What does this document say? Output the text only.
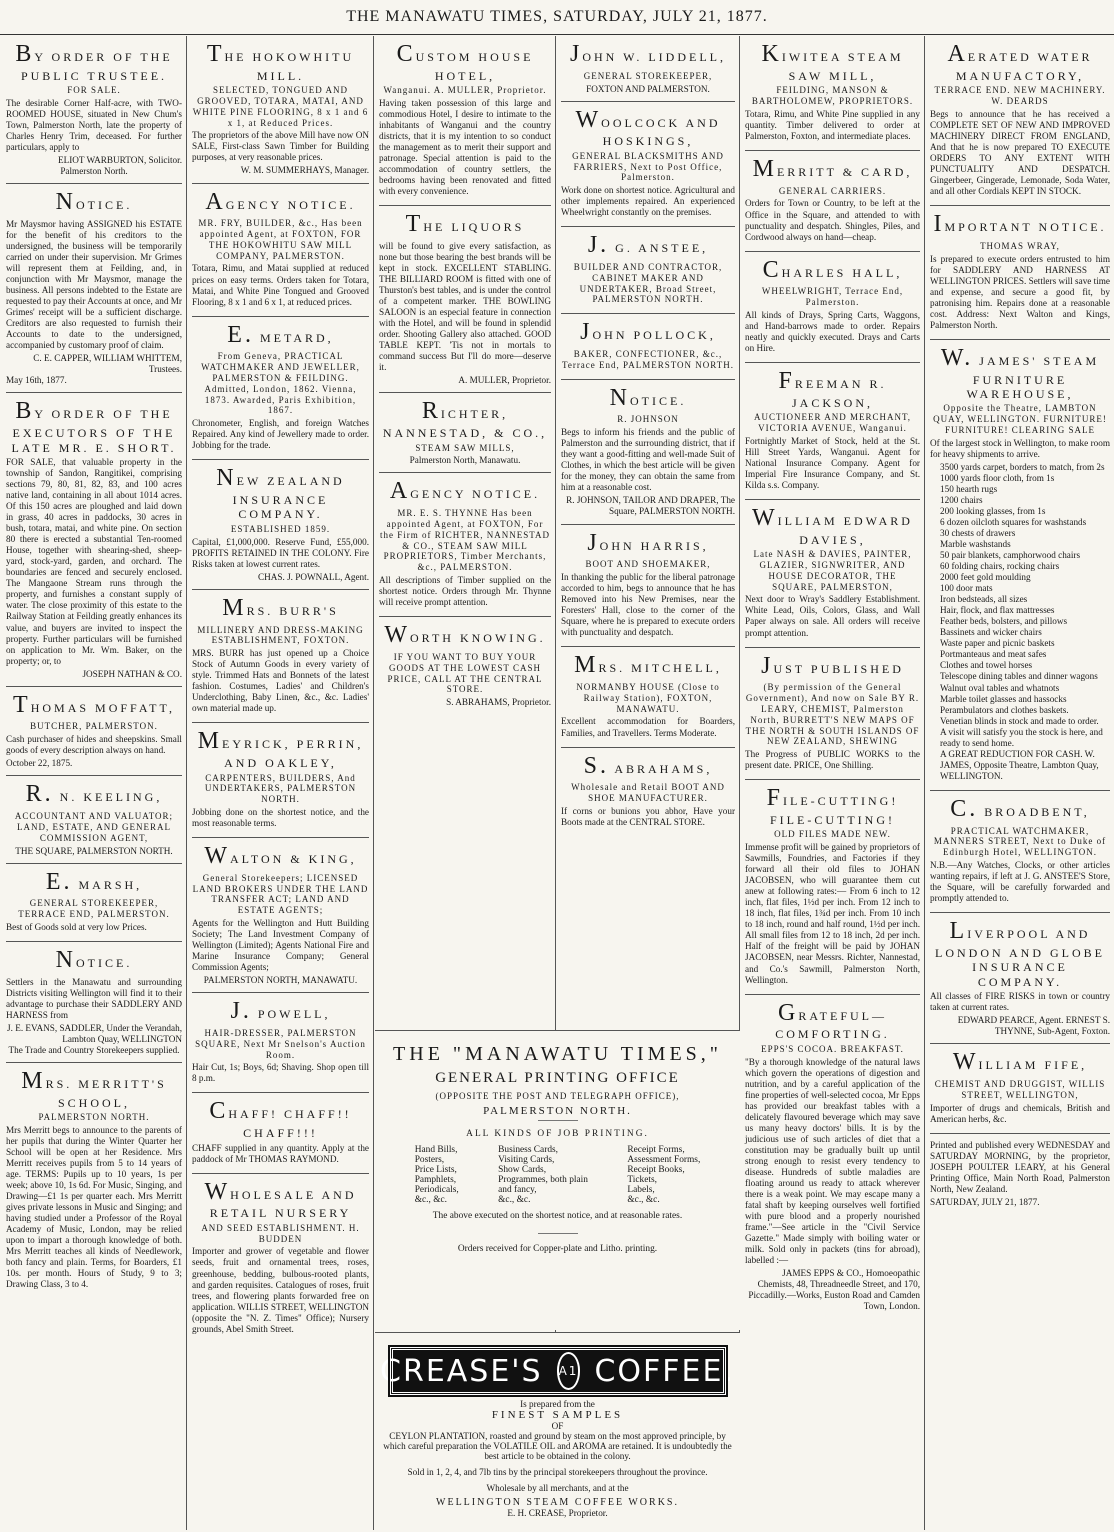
THE MANAWATU TIMES, SATURDAY, JULY 21, 1877.
BY ORDER OF THE PUBLIC TRUSTEE.
FOR SALE.

The desirable Corner Half-acre, with TWO-ROOMED HOUSE, situated in New Chum's Town, Palmerston North, late the property of Charles Henry Trim, deceased. For further particulars, apply to

ELIOT WARBURTON, Solicitor.
Palmerston North.
NOTICE.

Mr Maysmor having ASSIGNED his ESTATE for the benefit of his creditors to the undersigned, the business will be temporarily carried on under their supervision. Mr Grimes will represent them at Feilding, and, in conjunction with Mr Maysmor, manage the business. All persons indebted to the Estate are requested to pay their Accounts at once, and Mr Grimes' receipt will be a sufficient discharge. Creditors are also requested to furnish their Accounts to date to the undersigned, accompanied by customary proof of claim.

C. E. CAPPER, WILLIAM WHITTEM, Trustees.
May 16th, 1877.
BY ORDER OF THE EXECUTORS OF THE LATE MR. E. SHORT.

FOR SALE, that valuable property in the township of Sandon, Rangitikei, comprising sections 79, 80, 81, 82, 83, and 100 acres native land, containing in all about 1014 acres. Of this 150 acres are ploughed and laid down in grass, 40 acres in paddocks, 30 acres in bush, totara, matai, and white pine. On section 80 there is erected a substantial Ten-roomed House, together with shearing-shed, sheep-yard, stock-yard, garden, and orchard. The boundaries are fenced and securely enclosed. The Mangaone Stream runs through the property, and furnishes a constant supply of water. The close proximity of this estate to the Railway Station at Feilding greatly enhances its value, and buyers are invited to inspect the property. Further particulars will be furnished on application to Mr. Wm. Baker, on the property; or, to

JOSEPH NATHAN & CO.
THOMAS MOFFATT,
BUTCHER, PALMERSTON.

Cash purchaser of hides and sheepskins. Small goods of every description always on hand.

October 22, 1875.
R. N. KEELING,
ACCOUNTANT AND VALUATOR; LAND, ESTATE, AND GENERAL COMMISSION AGENT,
THE SQUARE, PALMERSTON NORTH.
E. MARSH,
GENERAL STOREKEEPER, TERRACE END, PALMERSTON.

Best of Goods sold at very low Prices.

NOTICE.

Settlers in the Manawatu and surrounding Districts visiting Wellington will find it to their advantage to purchase their SADDLERY AND HARNESS from

J. E. EVANS, SADDLER, Under the Verandah, Lambton Quay, WELLINGTON
The Trade and Country Storekeepers supplied.
MRS. MERRITT'S SCHOOL,
PALMERSTON NORTH.

Mrs Merritt begs to announce to the parents of her pupils that during the Winter Quarter her School will be open at her Residence. Mrs Merritt receives pupils from 5 to 14 years of age. TERMS: Pupils up to 10 years, 1s per week; above 10, 1s 6d. For Music, Singing, and Drawing—£1 1s per quarter each. Mrs Merritt gives private lessons in Music and Singing; and having studied under a Professor of the Royal Academy of Music, London, may be relied upon to impart a thorough knowledge of both. Mrs Merritt teaches all kinds of Needlework, both fancy and plain. Terms, for Boarders, £1 10s. per month. Hours of Study, 9 to 3; Drawing Class, 3 to 4.

THE HOKOWHITU MILL.
SELECTED, TONGUED AND GROOVED, TOTARA, MATAI, AND WHITE PINE FLOORING, 8 x 1 and 6 x 1, at Reduced Prices.

The proprietors of the above Mill have now ON SALE, First-class Sawn Timber for Building purposes, at very reasonable prices.

W. M. SUMMERHAYS, Manager.
AGENCY NOTICE.
MR. FRY, BUILDER, &c., Has been appointed Agent, at FOXTON, FOR THE HOKOWHITU SAW MILL COMPANY, PALMERSTON.

Totara, Rimu, and Matai supplied at reduced prices on easy terms. Orders taken for Totara, Matai, and White Pine Tongued and Grooved Flooring, 8 x 1 and 6 x 1, at reduced prices.

E. METARD,
From Geneva, PRACTICAL WATCHMAKER AND JEWELLER, PALMERSTON & FEILDING. Admitted, London, 1862. Vienna, 1873. Awarded, Paris Exhibition, 1867.

Chronometer, English, and foreign Watches Repaired. Any kind of Jewellery made to order. Jobbing for the trade.

NEW ZEALAND INSURANCE COMPANY.
ESTABLISHED 1859.

Capital, £1,000,000. Reserve Fund, £55,000. PROFITS RETAINED IN THE COLONY. Fire Risks taken at lowest current rates.

CHAS. J. POWNALL, Agent.
MRS. BURR'S
MILLINERY AND DRESS-MAKING ESTABLISHMENT, FOXTON.

MRS. BURR has just opened up a Choice Stock of Autumn Goods in every variety of style. Trimmed Hats and Bonnets of the latest fashion. Costumes, Ladies' and Children's Underclothing, Baby Linen, &c., &c. Ladies' own material made up.

MEYRICK, PERRIN, AND OAKLEY,
CARPENTERS, BUILDERS, And UNDERTAKERS, PALMERSTON NORTH.

Jobbing done on the shortest notice, and the most reasonable terms.

WALTON & KING,
General Storekeepers; LICENSED LAND BROKERS UNDER THE LAND TRANSFER ACT; LAND AND ESTATE AGENTS;

Agents for the Wellington and Hutt Building Society; The Land Investment Company of Wellington (Limited); Agents National Fire and Marine Insurance Company; General Commission Agents;

PALMERSTON NORTH, MANAWATU.
J. POWELL,
HAIR-DRESSER, PALMERSTON SQUARE, Next Mr Snelson's Auction Room.

Hair Cut, 1s; Boys, 6d; Shaving. Shop open till 8 p.m.

CHAFF! CHAFF!! CHAFF!!!

CHAFF supplied in any quantity. Apply at the paddock of Mr THOMAS RAYMOND.

WHOLESALE AND RETAIL NURSERY
AND SEED ESTABLISHMENT. H. BUDDEN

Importer and grower of vegetable and flower seeds, fruit and ornamental trees, roses, greenhouse, bedding, bulbous-rooted plants, and garden requisites. Catalogues of roses, fruit trees, and flowering plants forwarded free on application. WILLIS STREET, WELLINGTON (opposite the "N. Z. Times" Office); Nursery grounds, Abel Smith Street.

CUSTOM HOUSE HOTEL,
Wanganui. A. MULLER, Proprietor.

Having taken possession of this large and commodious Hotel, I desire to intimate to the inhabitants of Wanganui and the country districts, that it is my intention to so conduct the management as to merit their support and patronage. Special attention is paid to the accommodation of country settlers, the bedrooms having been renovated and fitted with every convenience.

THE LIQUORS

will be found to give every satisfaction, as none but those bearing the best brands will be kept in stock. EXCELLENT STABLING. THE BILLIARD ROOM is fitted with one of Thurston's best tables, and is under the control of a competent marker. THE BOWLING SALOON is an especial feature in connection with the Hotel, and will be found in splendid order. Shooting Gallery also attached. GOOD TABLE KEPT. 'Tis not in mortals to command success But I'll do more—deserve it.

A. MULLER, Proprietor.
RICHTER, NANNESTAD, & CO.,
STEAM SAW MILLS,
Palmerston North, Manawatu.
AGENCY NOTICE.
MR. E. S. THYNNE Has been appointed Agent, at FOXTON, For the Firm of RICHTER, NANNESTAD & CO., STEAM SAW MILL PROPRIETORS, Timber Merchants, &c., PALMERSTON.

All descriptions of Timber supplied on the shortest notice. Orders through Mr. Thynne will receive prompt attention.

WORTH KNOWING.
IF YOU WANT TO BUY YOUR GOODS AT THE LOWEST CASH PRICE, CALL AT THE CENTRAL STORE.
S. ABRAHAMS, Proprietor.
JOHN W. LIDDELL,
GENERAL STOREKEEPER,
FOXTON AND PALMERSTON.
WOOLCOCK AND HOSKINGS,
GENERAL BLACKSMITHS AND FARRIERS, Next to Post Office, Palmerston.

Work done on shortest notice. Agricultural and other implements repaired. An experienced Wheelwright constantly on the premises.

J. G. ANSTEE,
BUILDER AND CONTRACTOR, CABINET MAKER AND UNDERTAKER, Broad Street, PALMERSTON NORTH.
JOHN POLLOCK,
BAKER, CONFECTIONER, &c., Terrace End, PALMERSTON NORTH.
NOTICE.
R. JOHNSON

Begs to inform his friends and the public of Palmerston and the surrounding district, that if they want a good-fitting and well-made Suit of Clothes, in which the best article will be given for the money, they can obtain the same from him at a reasonable cost.

R. JOHNSON, TAILOR AND DRAPER, The Square, PALMERSTON NORTH.
JOHN HARRIS,
BOOT AND SHOEMAKER,

In thanking the public for the liberal patronage accorded to him, begs to announce that he has Removed into his New Premises, near the Foresters' Hall, close to the corner of the Square, where he is prepared to execute orders with punctuality and despatch.

MRS. MITCHELL,
NORMANBY HOUSE (Close to Railway Station), FOXTON, MANAWATU.

Excellent accommodation for Boarders, Families, and Travellers. Terms Moderate.

S. ABRAHAMS,
Wholesale and Retail BOOT AND SHOE MANUFACTURER.

If corns or bunions you abhor, Have your Boots made at the CENTRAL STORE.

KIWITEA STEAM SAW MILL,
FEILDING, MANSON & BARTHOLOMEW, PROPRIETORS.

Totara, Rimu, and White Pine supplied in any quantity. Timber delivered to order at Palmerston, Foxton, and intermediate places.

MERRITT & CARD,
GENERAL CARRIERS.

Orders for Town or Country, to be left at the Office in the Square, and attended to with punctuality and despatch. Shingles, Piles, and Cordwood always on hand—cheap.

CHARLES HALL,
WHEELWRIGHT, Terrace End, Palmerston.

All kinds of Drays, Spring Carts, Waggons, and Hand-barrows made to order. Repairs neatly and quickly executed. Drays and Carts on Hire.

FREEMAN R. JACKSON,
AUCTIONEER AND MERCHANT, VICTORIA AVENUE, Wanganui.

Fortnightly Market of Stock, held at the St. Hill Street Yards, Wanganui. Agent for National Insurance Company. Agent for Imperial Fire Insurance Company, and St. Kilda s.s. Company.

WILLIAM EDWARD DAVIES,
Late NASH & DAVIES, PAINTER, GLAZIER, SIGNWRITER, AND HOUSE DECORATOR, THE SQUARE, PALMERSTON,

Next door to Wray's Saddlery Establishment. White Lead, Oils, Colors, Glass, and Wall Paper always on sale. All orders will receive prompt attention.

JUST PUBLISHED
(By permission of the General Government), And now on Sale BY R. LEARY, CHEMIST, Palmerston North, BURRETT'S NEW MAPS OF THE NORTH & SOUTH ISLANDS OF NEW ZEALAND, SHEWING

The Progress of PUBLIC WORKS to the present date. PRICE, One Shilling.

FILE-CUTTING! FILE-CUTTING!
OLD FILES MADE NEW.

Immense profit will be gained by proprietors of Sawmills, Foundries, and Factories if they forward all their old files to JOHAN JACOBSEN, who will guarantee them cut anew at following rates:— From 6 inch to 12 inch, flat files, 1½d per inch. From 12 inch to 18 inch, flat files, 1¾d per inch. From 10 inch to 18 inch, round and half round, 1½d per inch. All small files from 12 to 18 inch, 2d per inch. Half of the freight will be paid by JOHAN JACOBSEN, near Messrs. Richter, Nannestad, and Co.'s Sawmill, Palmerston North, Wellington.

GRATEFUL—COMFORTING.
EPPS'S COCOA. BREAKFAST.

"By a thorough knowledge of the natural laws which govern the operations of digestion and nutrition, and by a careful application of the fine properties of well-selected cocoa, Mr Epps has provided our breakfast tables with a delicately flavoured beverage which may save us many heavy doctors' bills. It is by the judicious use of such articles of diet that a constitution may be gradually built up until strong enough to resist every tendency to disease. Hundreds of subtle maladies are floating around us ready to attack wherever there is a weak point. We may escape many a fatal shaft by keeping ourselves well fortified with pure blood and a properly nourished frame."—See article in the "Civil Service Gazette." Made simply with boiling water or milk. Sold only in packets (tins for abroad), labelled :—

JAMES EPPS & CO., Homoeopathic Chemists, 48, Threadneedle Street, and 170, Piccadilly.—Works, Euston Road and Camden Town, London.
AERATED WATER MANUFACTORY,
TERRACE END. NEW MACHINERY. W. DEARDS

Begs to announce that he has received a COMPLETE SET OF NEW AND IMPROVED MACHINERY DIRECT FROM ENGLAND, And that he is now prepared TO EXECUTE ORDERS TO ANY EXTENT WITH PUNCTUALITY AND DESPATCH. Gingerbeer, Gingerade, Lemonade, Soda Water, and all other Cordials KEPT IN STOCK.

IMPORTANT NOTICE.
THOMAS WRAY,

Is prepared to execute orders entrusted to him for SADDLERY AND HARNESS AT WELLINGTON PRICES. Settlers will save time and expense, and secure a good fit, by patronising him. Repairs done at a reasonable cost. Address: Next Walton and Kings, Palmerston North.

W. JAMES' STEAM FURNITURE WAREHOUSE,
Opposite the Theatre, LAMBTON QUAY, WELLINGTON. FURNITURE! FURNITURE! CLEARING SALE

Of the largest stock in Wellington, to make room for heavy shipments to arrive.

3500 yards carpet, borders to match, from 2s
1000 yards floor cloth, from 1s
150 hearth rugs
1200 chairs
200 looking glasses, from 1s
6 dozen oilcloth squares for washstands
30 chests of drawers
Marble washstands
50 pair blankets, camphorwood chairs
60 folding chairs, rocking chairs
2000 feet gold moulding
100 door mats
Iron bedsteads, all sizes
Hair, flock, and flax mattresses
Feather beds, bolsters, and pillows
Bassinets and wicker chairs
Waste paper and picnic baskets
Portmanteaus and meat safes
Clothes and towel horses
Telescope dining tables and dinner wagons
Walnut oval tables and whatnots
Marble toilet glasses and hassocks
Perambulators and clothes baskets.
Venetian blinds in stock and made to order.
A visit will satisfy you the stock is here, and ready to send home.
A GREAT REDUCTION FOR CASH. W. JAMES, Opposite Theatre, Lambton Quay, WELLINGTON.
C. BROADBENT,
PRACTICAL WATCHMAKER, MANNERS STREET, Next to Duke of Edinburgh Hotel, WELLINGTON.

N.B.—Any Watches, Clocks, or other articles wanting repairs, if left at J. G. ANSTEE'S Store, the Square, will be carefully forwarded and promptly attended to.

LIVERPOOL AND LONDON AND GLOBE INSURANCE COMPANY.

All classes of FIRE RISKS in town or country taken at current rates.

EDWARD PEARCE, Agent. ERNEST S. THYNNE, Sub-Agent, Foxton.
WILLIAM FIFE,
CHEMIST AND DRUGGIST, WILLIS STREET, WELLINGTON,

Importer of drugs and chemicals, British and American herbs, &c.

Printed and published every WEDNESDAY and SATURDAY MORNING, by the proprietor, JOSEPH POULTER LEARY, at his General Printing Office, Main North Road, Palmerston North, New Zealand.

SATURDAY, JULY 21, 1877.
THE "MANAWATU TIMES,"
GENERAL PRINTING OFFICE
(OPPOSITE THE POST AND TELEGRAPH OFFICE),
PALMERSTON NORTH.
ALL KINDS OF JOB PRINTING.
Hand Bills,
Posters,
Price Lists,
Pamphlets,
Periodicals,
&c., &c.
Business Cards,
Visiting Cards,
Show Cards,
Programmes, both plain
and fancy,
&c., &c.
Receipt Forms,
Assessment Forms,
Receipt Books,
Tickets,
Labels,
&c., &c.
The above executed on the shortest notice, and at reasonable rates.
Orders received for Copper-plate and Litho. printing.
CREASE'S A1 COFFEE.
Is prepared from the
FINEST SAMPLES
OF
CEYLON PLANTATION, roasted and ground by steam on the most approved principle, by which careful preparation the VOLATILE OIL and AROMA are retained. It is undoubtedly the best article to be obtained in the colony.
Sold in 1, 2, 4, and 7lb tins by the principal storekeepers throughout the province.
Wholesale by all merchants, and at the
WELLINGTON STEAM COFFEE WORKS.
E. H. CREASE, Proprietor.
